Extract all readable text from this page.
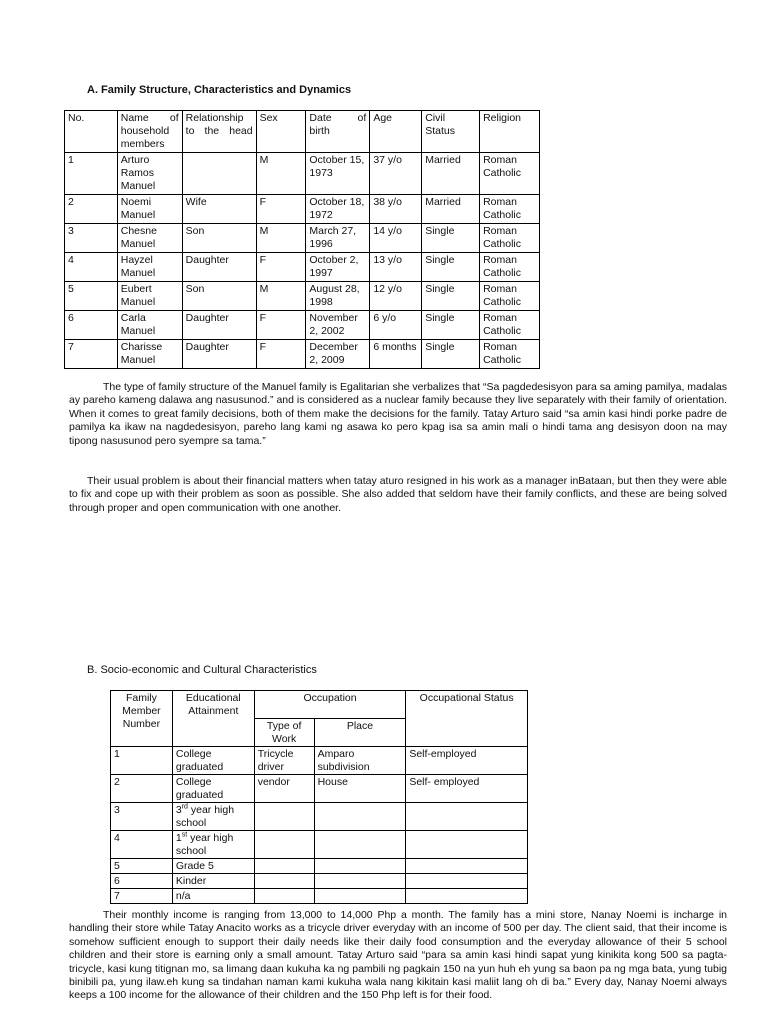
A. Family Structure, Characteristics and Dynamics
No.	Name of household members	Relationship to the head	Sex	Date of birth	Age	Civil Status	Religion
1	Arturo Ramos Manuel		M	October 15, 1973	37 y/o	Married	Roman Catholic
2	Noemi Manuel	Wife	F	October 18, 1972	38 y/o	Married	Roman Catholic
3	Chesne Manuel	Son	M	March 27, 1996	14 y/o	Single	Roman Catholic
4	Hayzel Manuel	Daughter	F	October 2, 1997	13 y/o	Single	Roman Catholic
5	Eubert Manuel	Son	M	August 28, 1998	12 y/o	Single	Roman Catholic
6	Carla Manuel	Daughter	F	November 2, 2002	6 y/o	Single	Roman Catholic
7	Charisse Manuel	Daughter	F	December 2, 2009	6 months	Single	Roman Catholic

The type of family structure of the Manuel family is Egalitarian she verbalizes that “Sa pagdedesisyon para sa aming pamilya, madalas ay pareho kameng dalawa ang nasusunod.” and is considered as a nuclear family because they live separately with their family of orientation. When it comes to great family decisions, both of them make the decisions for the family. Tatay Arturo said “sa amin kasi hindi porke padre de pamilya ka ikaw na nagdedesisyon, pareho lang kami ng asawa ko pero kpag isa sa amin mali o hindi tama ang desisyon doon na may tipong nasusunod pero syempre sa tama.”

Their usual problem is about their financial matters when tatay aturo resigned in his work as a manager inBataan, but then they were able to fix and cope up with their problem as soon as possible. She also added that seldom have their family conflicts, and these are being solved through proper and open communication with one another.

B. Socio-economic and Cultural Characteristics
Family Member Number	Educational Attainment	Occupation		Occupational Status
		Type of Work	Place	
1	College graduated	Tricycle driver	Amparo subdivision	Self-employed
2	College graduated	vendor	House	Self- employed
3	3rd year high school			
4	1st year high school			
5	Grade 5			
6	Kinder			
7	n/a			

Their monthly income is ranging from 13,000 to 14,000 Php a month. The family has a mini store, Nanay Noemi is incharge in handling their store while Tatay Anacito works as a tricycle driver everyday with an income of 500 per day. The client said, that their income is somehow sufficient enough to support their daily needs like their daily food consumption and the everyday allowance of their 5 school children and their store is earning only a small amount. Tatay Arturo said “para sa amin kasi hindi sapat yung kinikita kong 500 sa pagta-tricycle, kasi kung titignan mo, sa limang daan kukuha ka ng pambili ng pagkain 150 na yun huh eh yung sa baon pa ng mga bata, yung tubig binibili pa, yung ilaw.eh kung sa tindahan naman kami kukuha wala nang kikitain kasi maliit lang oh di ba.” Every day, Nanay Noemi always keeps a 100 income for the allowance of their children and the 150 Php left is for their food.
